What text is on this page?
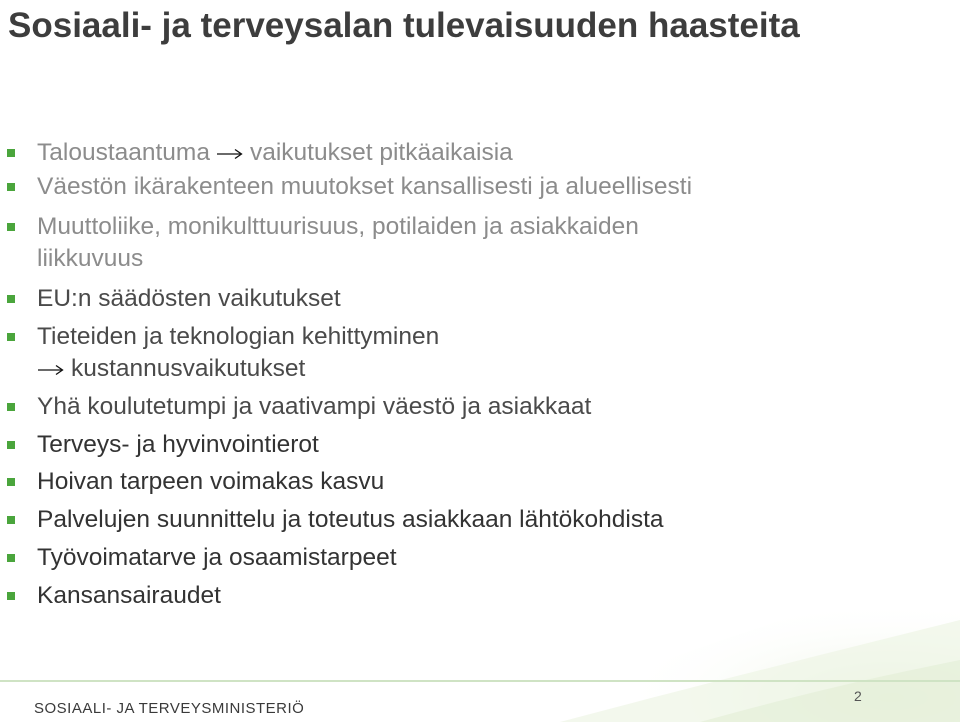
Sosiaali- ja terveysalan tulevaisuuden haasteita
Taloustaantuma vaikutukset pitkäaikaisia
Väestön ikärakenteen muutokset kansallisesti ja alueellisesti
Muuttoliike, monikulttuurisuus, potilaiden ja asiakkaiden
liikkuvuus
EU:n säädösten vaikutukset
Tieteiden ja teknologian kehittyminen
kustannusvaikutukset
Yhä koulutetumpi ja vaativampi väestö ja asiakkaat
Terveys- ja hyvinvointierot
Hoivan tarpeen voimakas kasvu
Palvelujen suunnittelu ja toteutus asiakkaan lähtökohdista
Työvoimatarve ja osaamistarpeet
Kansansairaudet
SOSIAALI- JA TERVEYSMINISTERIÖ
2
